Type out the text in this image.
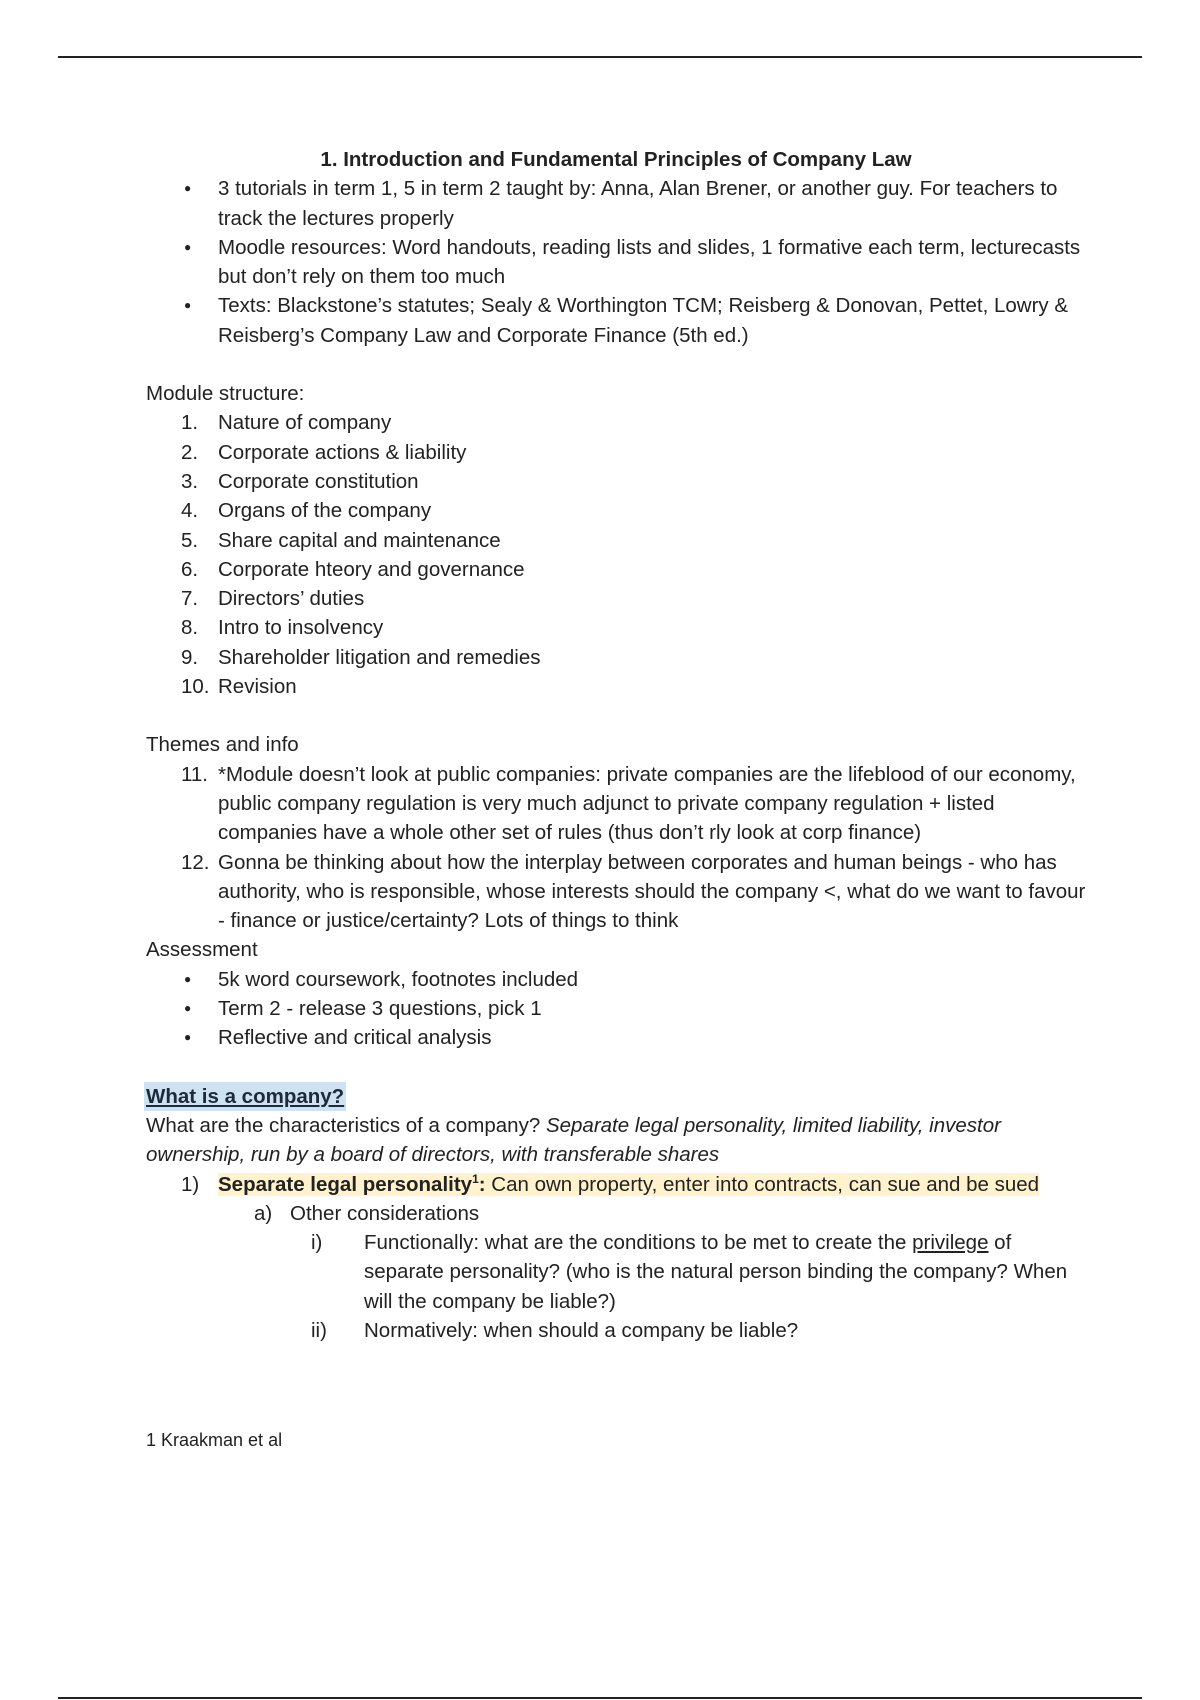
1. Introduction and Fundamental Principles of Company Law
● 3 tutorials in term 1, 5 in term 2 taught by: Anna, Alan Brener, or another guy. For teachers to track the lectures properly
● Moodle resources: Word handouts, reading lists and slides, 1 formative each term, lecturecasts but don’t rely on them too much
● Texts: Blackstone’s statutes; Sealy & Worthington TCM; Reisberg & Donovan, Pettet, Lowry & Reisberg’s Company Law and Corporate Finance (5th ed.)
Module structure:
1. Nature of company
2. Corporate actions & liability
3. Corporate constitution
4. Organs of the company
5. Share capital and maintenance
6. Corporate hteory and governance
7. Directors’ duties
8. Intro to insolvency
9. Shareholder litigation and remedies
10. Revision
Themes and info
11. *Module doesn’t look at public companies: private companies are the lifeblood of our economy, public company regulation is very much adjunct to private company regulation + listed companies have a whole other set of rules (thus don’t rly look at corp finance)
12. Gonna be thinking about how the interplay between corporates and human beings - who has authority, who is responsible, whose interests should the company <, what do we want to favour - finance or justice/certainty? Lots of things to think
Assessment
● 5k word coursework, footnotes included
● Term 2 - release 3 questions, pick 1
● Reflective and critical analysis
What is a company?
What are the characteristics of a company? Separate legal personality, limited liability, investor ownership, run by a board of directors, with transferable shares
1) Separate legal personality$^1$: Can own property, enter into contracts, can sue and be sued
a) Other considerations
i) Functionally: what are the conditions to be met to create the privilege of separate personality? (who is the natural person binding the company? When will the company be liable?)
ii) Normatively: when should a company be liable?
1 Kraakman et al
